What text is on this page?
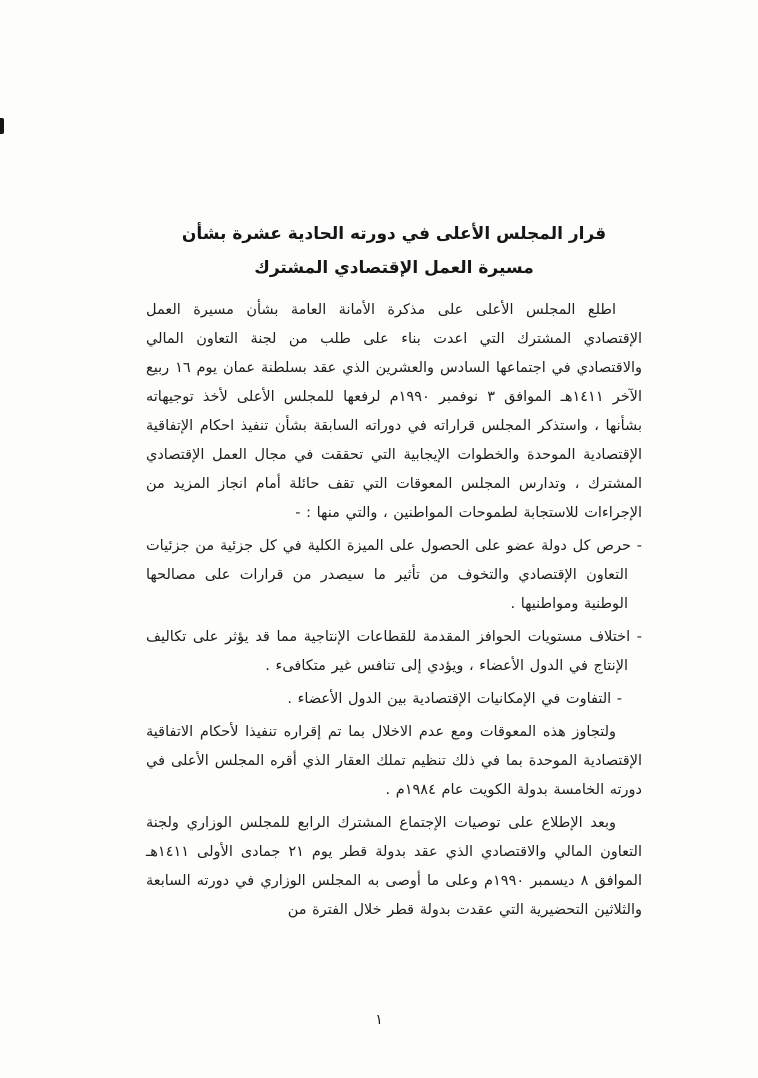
قرار المجلس الأعلى في دورته الحادية عشرة بشأن
مسيرة العمل الإقتصادي المشترك

اطلع المجلس الأعلى على مذكرة الأمانة العامة بشأن مسيرة العمل الإقتصادي المشترك التي اعدت بناء على طلب من لجنة التعاون المالي والاقتصادي في اجتماعها السادس والعشرين الذي عقد بسلطنة عمان يوم ١٦ ربيع الآخر ١٤١١هـ الموافق ٣ نوفمبر ١٩٩٠م لرفعها للمجلس الأعلى لأخذ توجيهاته بشأنها ، واستذكر المجلس قراراته في دوراته السابقة بشأن تنفيذ احكام الإتفاقية الإقتصادية الموحدة والخطوات الإيجابية التي تحققت في مجال العمل الإقتصادي المشترك ، وتدارس المجلس المعوقات التي تقف حائلة أمام انجاز المزيد من الإجراءات للاستجابة لطموحات المواطنين ، والتي منها : -

- حرص كل دولة عضو على الحصول على الميزة الكلية في كل جزئية من جزئيات التعاون الإقتصادي والتخوف من تأثير ما سيصدر من قرارات على مصالحها الوطنية ومواطنيها .

- اختلاف مستويات الحوافز المقدمة للقطاعات الإنتاجية مما قد يؤثر على تكاليف الإنتاج في الدول الأعضاء ، ويؤدي إلى تنافس غير متكافىء .

- التفاوت في الإمكانيات الإقتصادية بين الدول الأعضاء .

ولتجاوز هذه المعوقات ومع عدم الاخلال بما تم إقراره تنفيذا لأحكام الاتفاقية الإقتصادية الموحدة بما في ذلك تنظيم تملك العقار الذي أقره المجلس الأعلى في دورته الخامسة بدولة الكويت عام ١٩٨٤م .

وبعد الإطلاع على توصيات الإجتماع المشترك الرابع للمجلس الوزاري ولجنة التعاون المالي والاقتصادي الذي عقد بدولة قطر يوم ٢١ جمادى الأولى ١٤١١هـ الموافق ٨ ديسمبر ١٩٩٠م وعلى ما أوصى به المجلس الوزاري في دورته السابعة والثلاثين التحضيرية التي عقدت بدولة قطر خلال الفترة من

١
